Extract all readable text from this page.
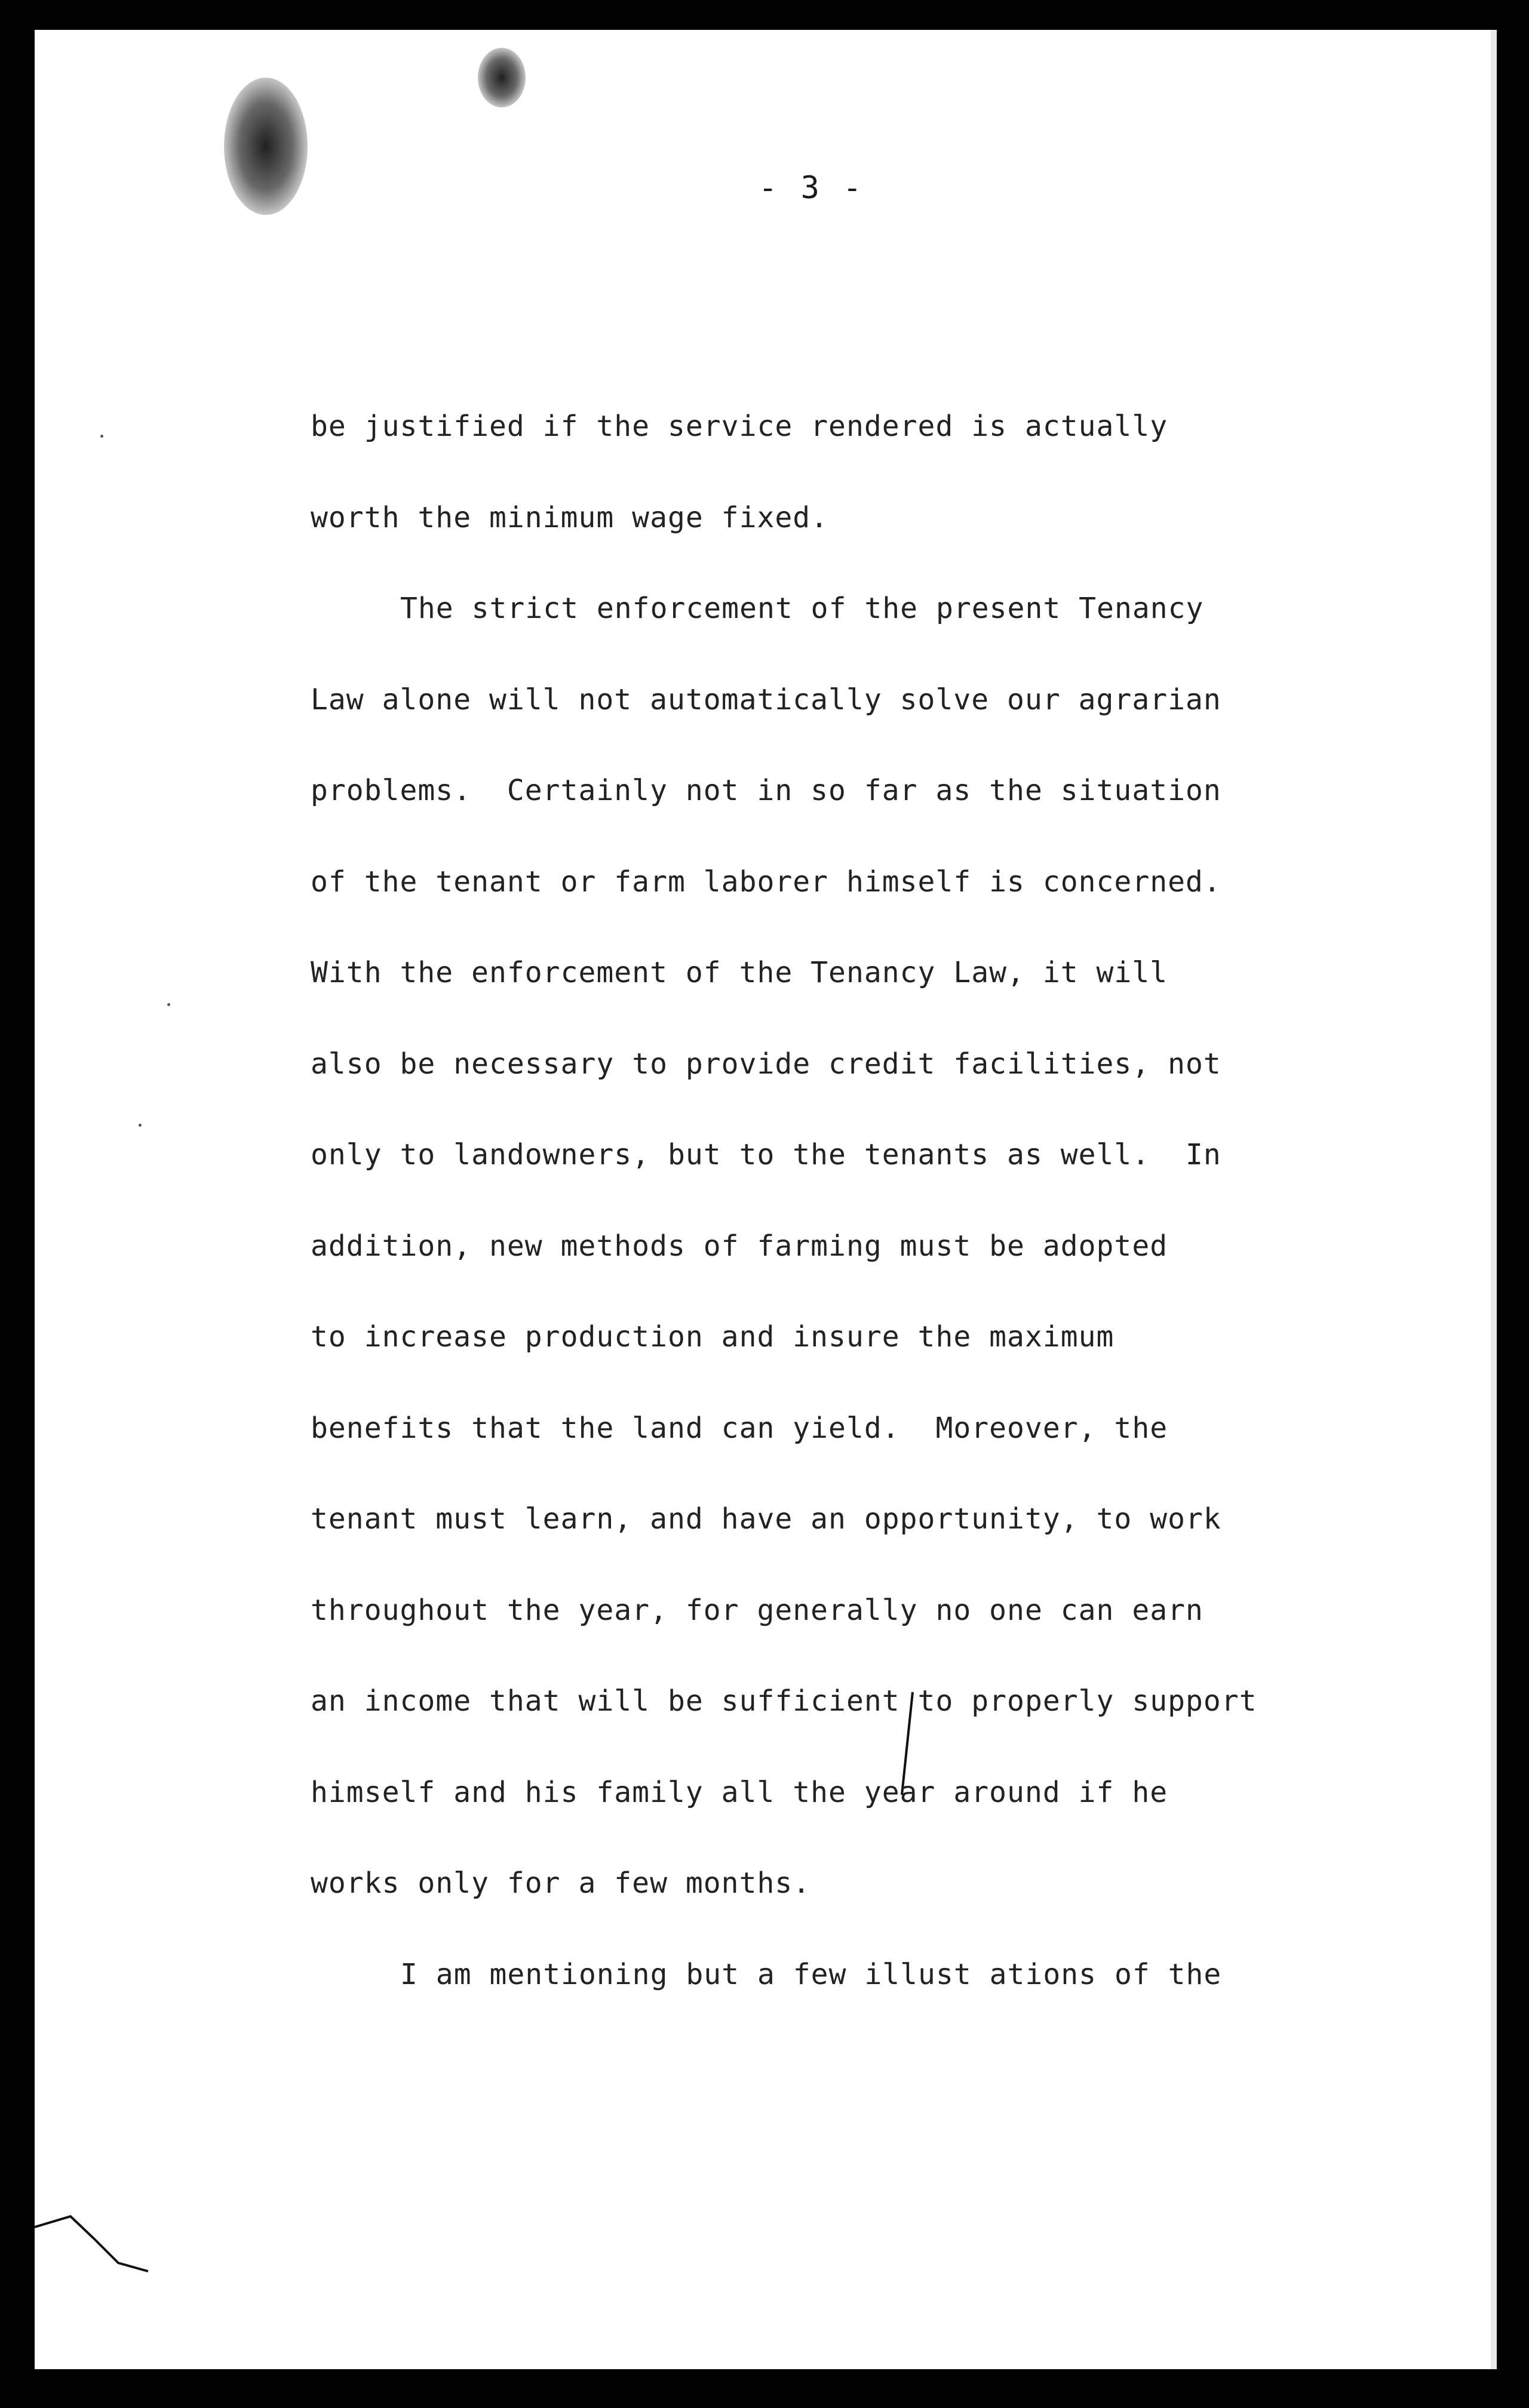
- 3 -
be justified if the service rendered is actually
worth the minimum wage fixed.
The strict enforcement of the present Tenancy
Law alone will not automatically solve our agrarian
problems.  Certainly not in so far as the situation
of the tenant or farm laborer himself is concerned.
With the enforcement of the Tenancy Law, it will
also be necessary to provide credit facilities, not
only to landowners, but to the tenants as well.  In
addition, new methods of farming must be adopted
to increase production and insure the maximum
benefits that the land can yield.  Moreover, the
tenant must learn, and have an opportunity, to work
throughout the year, for generally no one can earn
an income that will be sufficient to properly support
himself and his family all the year around if he
works only for a few months.
I am mentioning but a few illust ations of the
